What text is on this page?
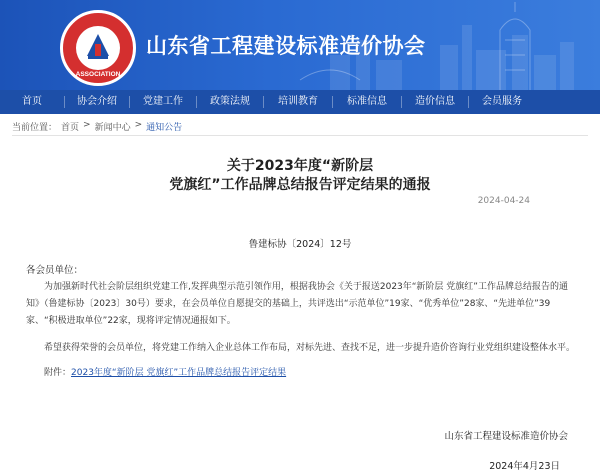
ASSOCIATION
山东省工程建设标准造价协会
首页	协会介绍	党建工作	政策法规	培训教育	标准信息	造价信息	会员服务
当前位置： 首页 > 新闻中心 > 通知公告
关于2023年度“新阶层
党旗红”工作品牌总结报告评定结果的通报
2024-04-24
鲁建标协〔2024〕12号
各会员单位：
为加强新时代社会阶层组织党建工作,发挥典型示范引领作用，根据我协会《关于报送2023年“新阶层 党旗红”工作品牌总结报告的通
知》（鲁建标协〔2023〕30号）要求，在会员单位自愿提交的基础上，共评选出“示范单位”19家、“优秀单位”28家、“先进单位”39
家、“积极进取单位”22家，现将评定情况通报如下。
希望获得荣誉的会员单位，将党建工作纳入企业总体工作布局，对标先进、查找不足，进一步提升造价咨询行业党组织建设整体水平。
附件：2023年度“新阶层 党旗红”工作品牌总结报告评定结果
山东省工程建设标准造价协会
2024年4月23日
